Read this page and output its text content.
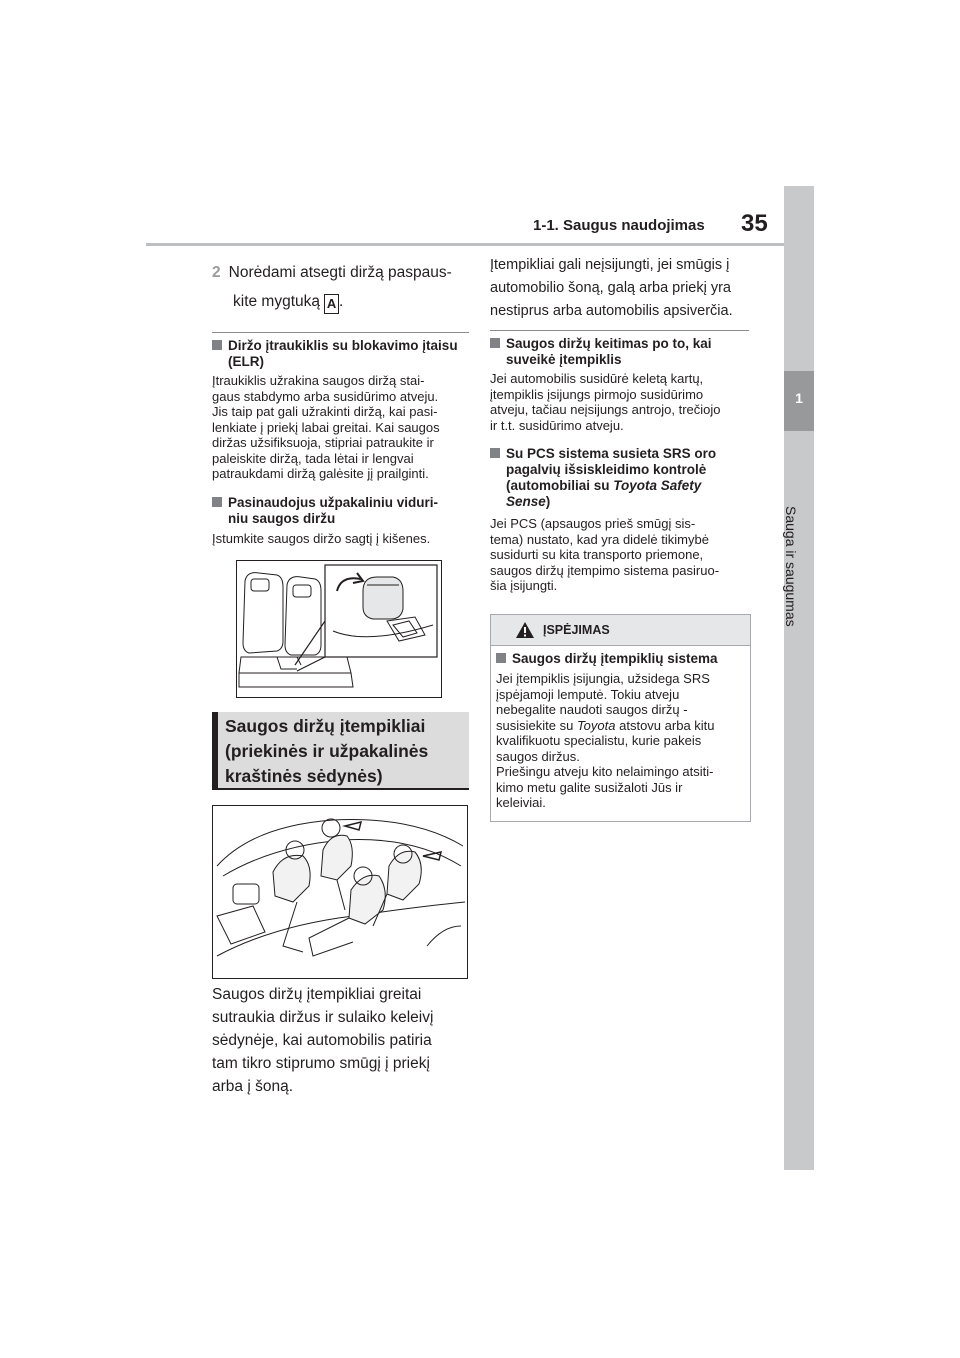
1-1. Saugus naudojimas 35
1
Sauga ir saugumas
2 Norėdami atsegti diržą paspaus-
kite mygtuką A .
Diržo įtraukiklis su blokavimo įtaisu
(ELR)
Įtraukiklis užrakina saugos diržą stai-
gaus stabdymo arba susidūrimo atveju.
Jis taip pat gali užrakinti diržą, kai pasi-
lenkiate į priekį labai greitai. Kai saugos
diržas užsifiksuoja, stipriai patraukite ir
paleiskite diržą, tada lėtai ir lengvai
patraukdami diržą galėsite jį prailginti.
Pasinaudojus užpakaliniu viduri-
niu saugos diržu
Įstumkite saugos diržo sagtį į kišenes.
Saugos diržų įtempikliai
(priekinės ir užpakalinės
kraštinės sėdynės)
Saugos diržų įtempikliai greitai
sutraukia diržus ir sulaiko keleivį
sėdynėje, kai automobilis patiria
tam tikro stiprumo smūgį į priekį
arba į šoną.
Įtempikliai gali neįsijungti, jei smūgis į
automobilio šoną, galą arba priekį yra
nestiprus arba automobilis apsiverčia.
Saugos diržų keitimas po to, kai
suveikė įtempiklis
Jei automobilis susidūrė keletą kartų,
įtempiklis įsijungs pirmojo susidūrimo
atveju, tačiau neįsijungs antrojo, trečiojo
ir t.t. susidūrimo atveju.
Su PCS sistema susieta SRS oro
pagalvių išsiskleidimo kontrolė
(automobiliai su Toyota Safety
Sense)
Jei PCS (apsaugos prieš smūgį sis-
tema) nustato, kad yra didelė tikimybė
susidurti su kita transporto priemone,
saugos diržų įtempimo sistema pasiruo-
šia įsijungti.
ĮSPĖJIMAS
Saugos diržų įtempiklių sistema
Jei įtempiklis įsijungia, užsidega SRS
įspėjamoji lemputė. Tokiu atveju
nebegalite naudoti saugos diržų -
susisiekite su Toyota atstovu arba kitu
kvalifikuotu specialistu, kurie pakeis
saugos diržus.
Priešingu atveju kito nelaimingo atsiti-
kimo metu galite susižaloti Jūs ir
keleiviai.
